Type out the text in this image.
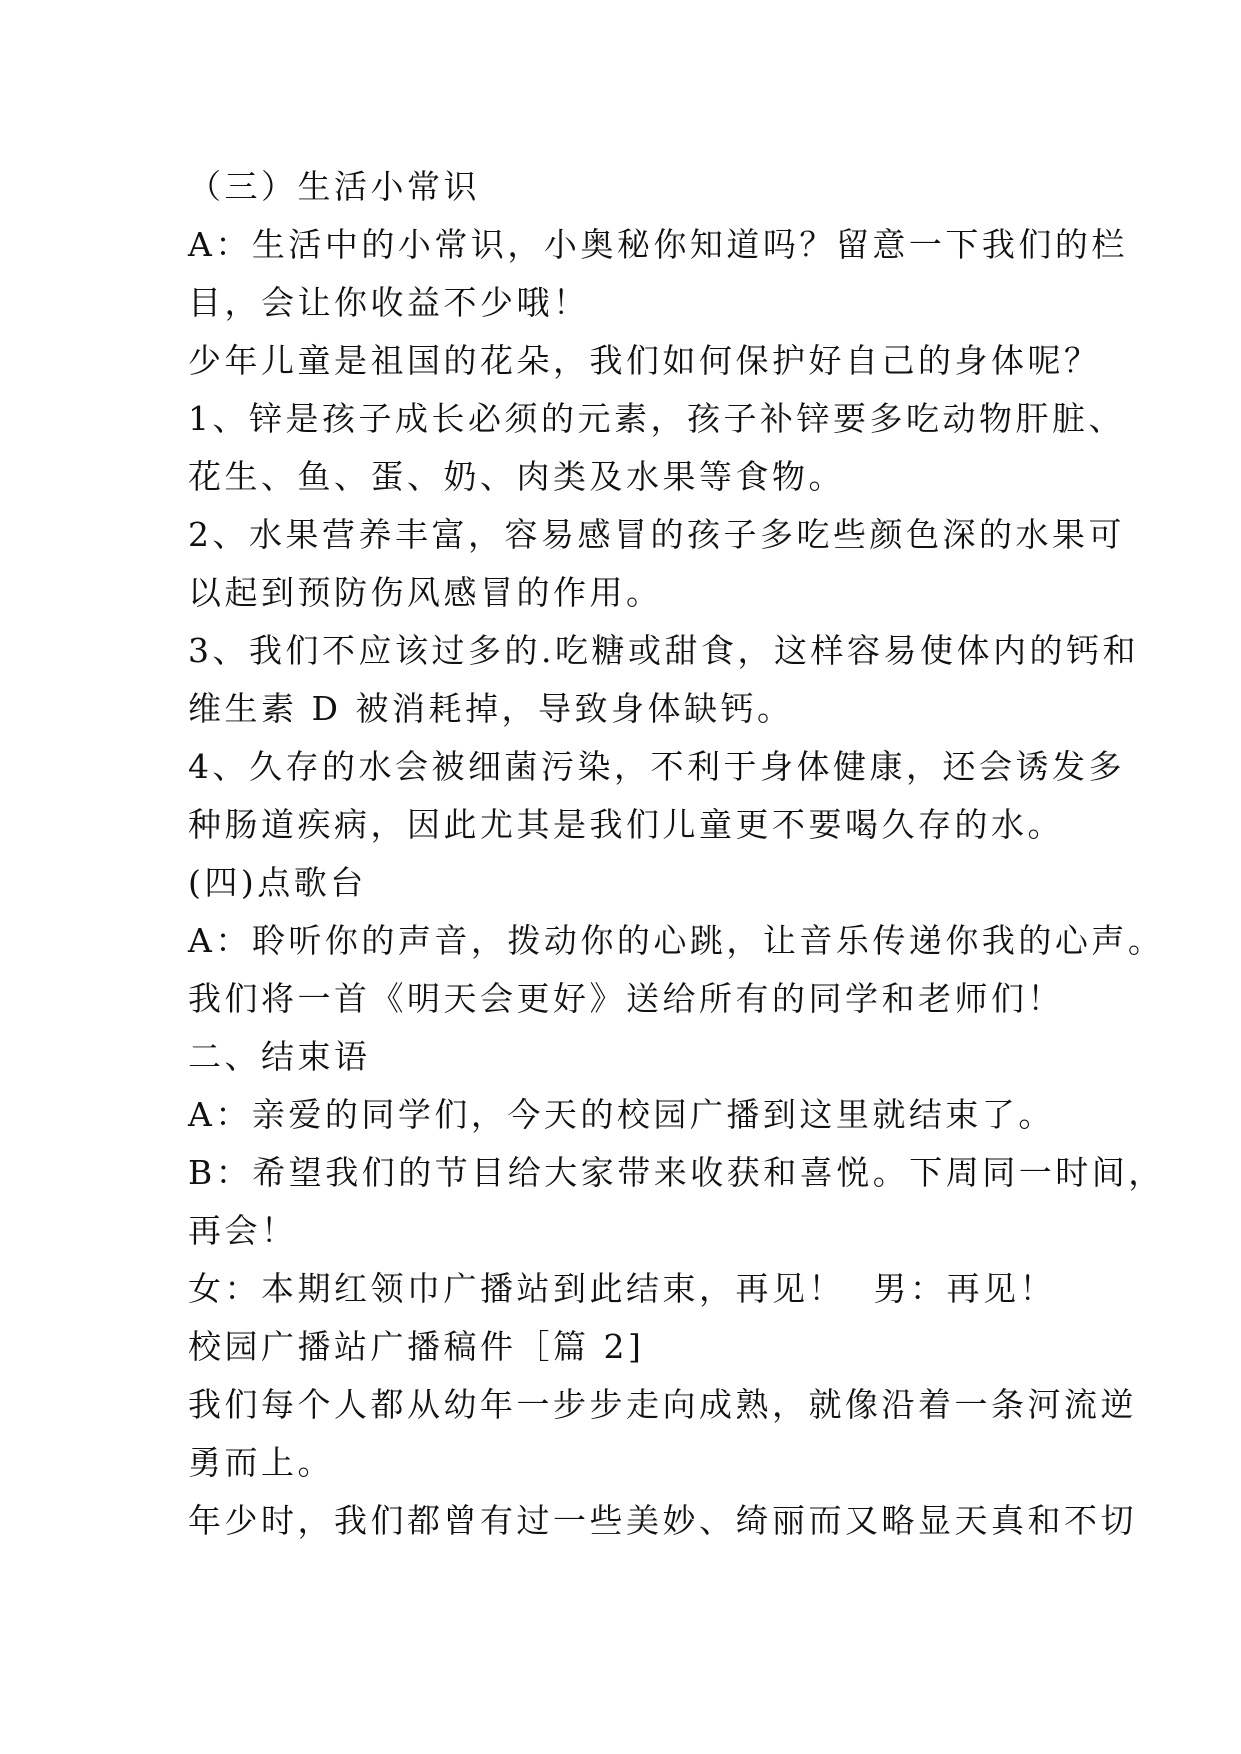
（三）生活小常识
A：生活中的小常识，小奥秘你知道吗？留意一下我们的栏
目，会让你收益不少哦！
少年儿童是祖国的花朵，我们如何保护好自己的身体呢？
1、锌是孩子成长必须的元素，孩子补锌要多吃动物肝脏、
花生、鱼、蛋、奶、肉类及水果等食物。
2、水果营养丰富，容易感冒的孩子多吃些颜色深的水果可
以起到预防伤风感冒的作用。
3、我们不应该过多的.吃糖或甜食，这样容易使体内的钙和
维生素 D 被消耗掉，导致身体缺钙。
4、久存的水会被细菌污染，不利于身体健康，还会诱发多
种肠道疾病，因此尤其是我们儿童更不要喝久存的水。
(四)点歌台
A：聆听你的声音，拨动你的心跳，让音乐传递你我的心声。
我们将一首《明天会更好》送给所有的同学和老师们！
二、结束语
A：亲爱的同学们，今天的校园广播到这里就结束了。
B：希望我们的节目给大家带来收获和喜悦。下周同一时间，
再会！
女：本期红领巾广播站到此结束，再见！ 男：再见！
校园广播站广播稿件［篇 2]
我们每个人都从幼年一步步走向成熟，就像沿着一条河流逆
勇而上。
年少时，我们都曾有过一些美妙、绮丽而又略显天真和不切
